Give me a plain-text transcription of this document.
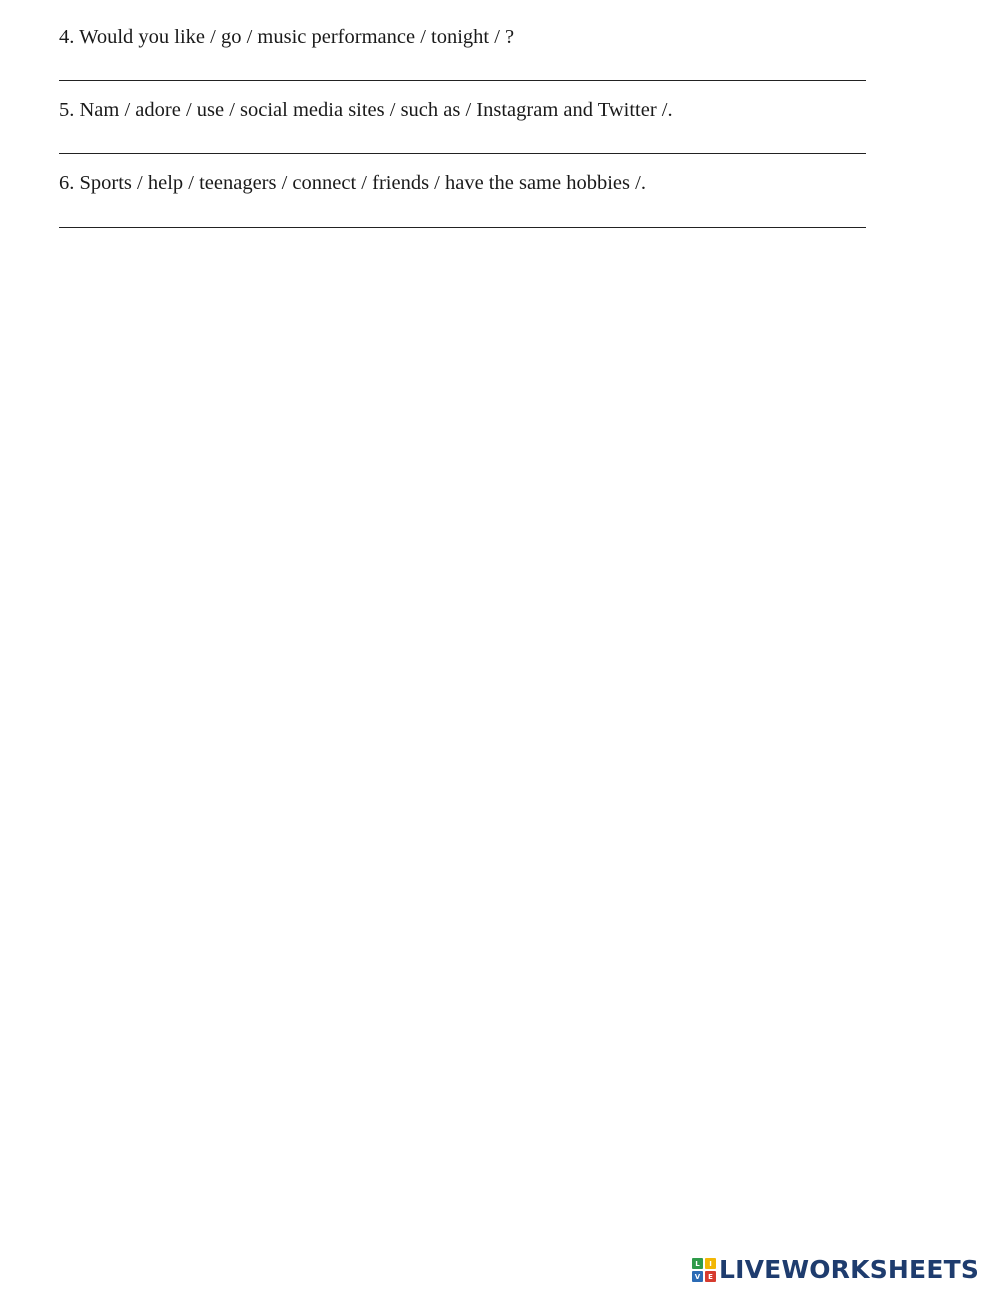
4. Would you like / go / music performance / tonight / ?
5. Nam / adore / use / social media sites / such as / Instagram and Twitter /.
6. Sports / help / teenagers / connect / friends / have the same hobbies /.
L	I
V	E LIVEWORKSHEETS
